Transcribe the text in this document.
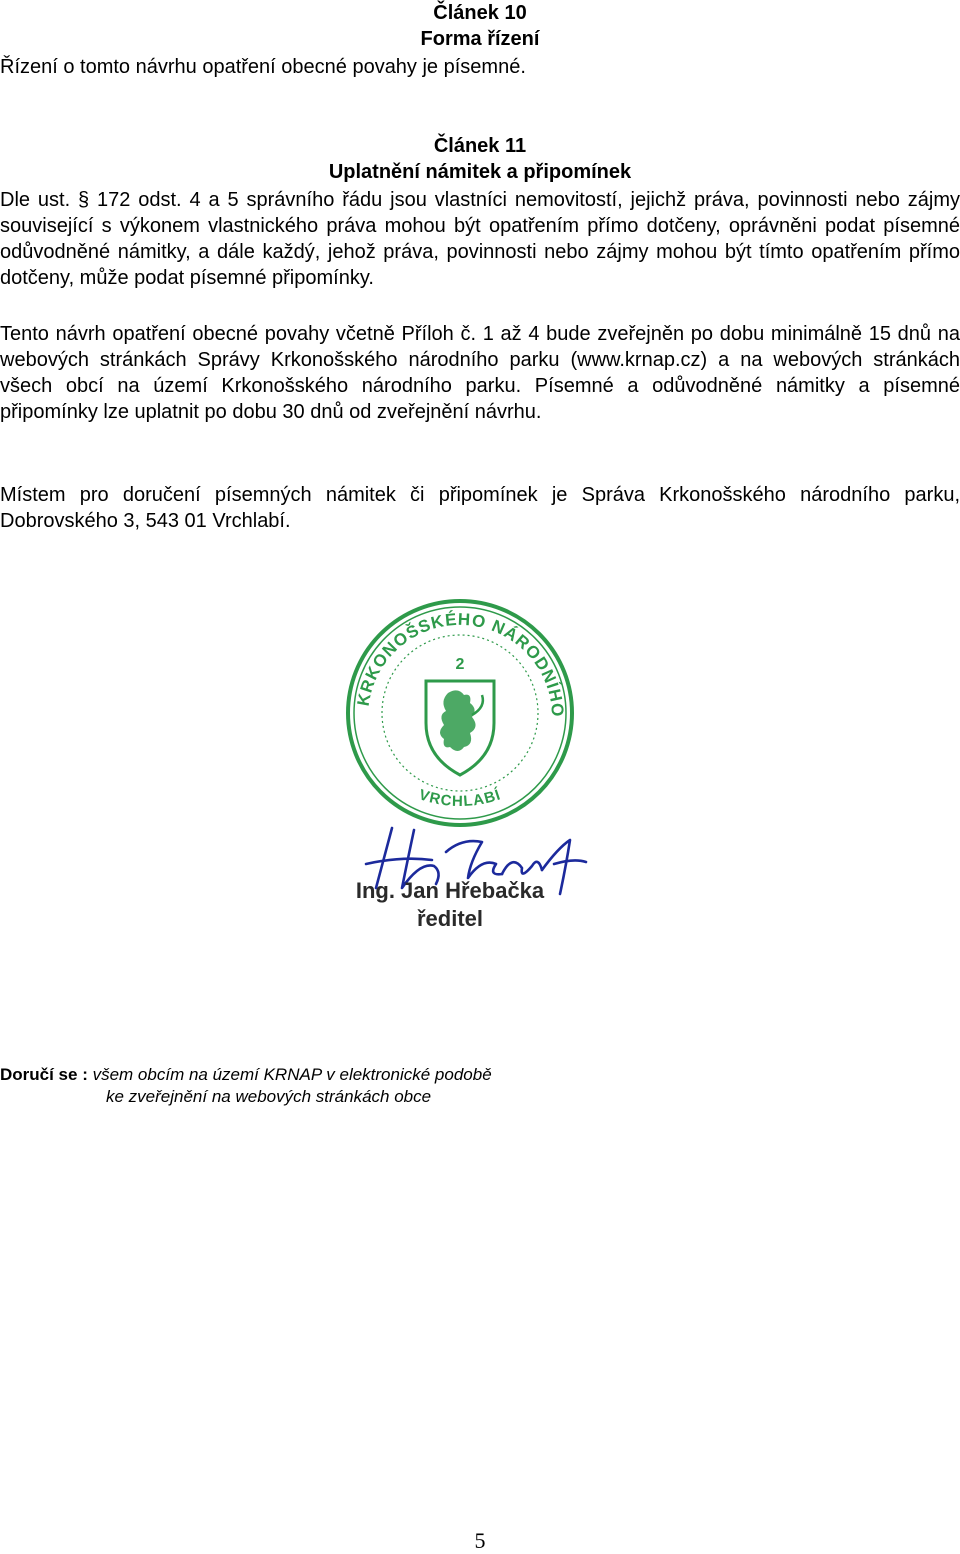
Článek 10

Forma řízení

Řízení o tomto návrhu opatření obecné povahy je písemné.

Článek 11

Uplatnění námitek a připomínek

Dle ust. § 172 odst. 4 a 5 správního řádu jsou vlastníci nemovitostí, jejichž práva, povinnosti nebo zájmy související s výkonem vlastnického práva mohou být opatřením přímo dotčeny, oprávněni podat písemné odůvodněné námitky, a dále každý, jehož práva, povinnosti nebo zájmy mohou být tímto opatřením přímo dotčeny, může podat písemné připomínky.

Tento návrh opatření obecné povahy včetně Příloh č. 1 až 4 bude zveřejněn po dobu minimálně 15 dnů na webových stránkách Správy Krkonošského národního parku (www.krnap.cz) a na webových stránkách všech obcí na území Krkonošského národního parku. Písemné a odůvodněné námitky a písemné připomínky lze uplatnit po dobu 30 dnů od zveřejnění návrhu.

Místem pro doručení písemných námitek či připomínek je Správa Krkonošského národního parku, Dobrovského 3, 543 01 Vrchlabí.

KRKONOŠSKÉHO NÁRODNÍHO
2
VRCHLABÍ

Ing. Jan Hřebačka

ředitel

Doručí se : všem obcím na území KRNAP v elektronické podobě
ke zveřejnění na webových stránkách obce
5
